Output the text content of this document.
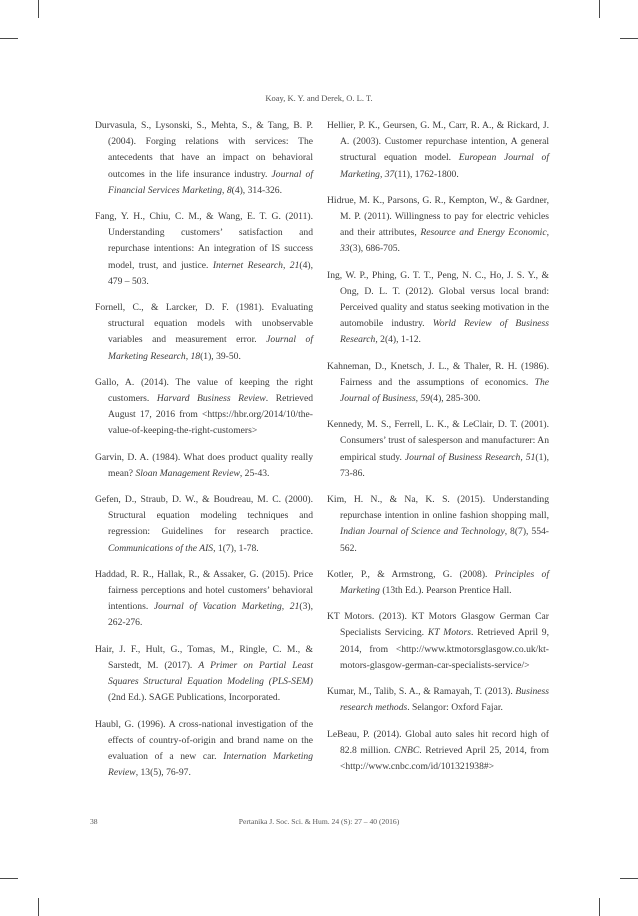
Koay, K. Y. and Derek, O. L. T.

Durvasula, S., Lysonski, S., Mehta, S., & Tang, B. P. (2004). Forging relations with services: The antecedents that have an impact on behavioral outcomes in the life insurance industry. Journal of Financial Services Marketing, 8(4), 314-326.

Fang, Y. H., Chiu, C. M., & Wang, E. T. G. (2011). Understanding customers’ satisfaction and repurchase intentions: An integration of IS success model, trust, and justice. Internet Research, 21(4), 479 – 503.

Fornell, C., & Larcker, D. F. (1981). Evaluating structural equation models with unobservable variables and measurement error. Journal of Marketing Research, 18(1), 39-50.

Gallo, A. (2014). The value of keeping the right customers. Harvard Business Review. Retrieved August 17, 2016 from <https://hbr.org/2014/10/the-value-of-keeping-the-right-customers>

Garvin, D. A. (1984). What does product quality really mean? Sloan Management Review, 25-43.

Gefen, D., Straub, D. W., & Boudreau, M. C. (2000). Structural equation modeling techniques and regression: Guidelines for research practice. Communications of the AIS, 1(7), 1-78.

Haddad, R. R., Hallak, R., & Assaker, G. (2015). Price fairness perceptions and hotel customers’ behavioral intentions. Journal of Vacation Marketing, 21(3), 262-276.

Hair, J. F., Hult, G., Tomas, M., Ringle, C. M., & Sarstedt, M. (2017). A Primer on Partial Least Squares Structural Equation Modeling (PLS-SEM) (2nd Ed.). SAGE Publications, Incorporated.

Haubl, G. (1996). A cross-national investigation of the effects of country-of-origin and brand name on the evaluation of a new car. Internation Marketing Review, 13(5), 76-97.

Hellier, P. K., Geursen, G. M., Carr, R. A., & Rickard, J. A. (2003). Customer repurchase intention, A general structural equation model. European Journal of Marketing, 37(11), 1762-1800.

Hidrue, M. K., Parsons, G. R., Kempton, W., & Gardner, M. P. (2011). Willingness to pay for electric vehicles and their attributes, Resource and Energy Economic, 33(3), 686-705.

Ing, W. P., Phing, G. T. T., Peng, N. C., Ho, J. S. Y., & Ong, D. L. T. (2012). Global versus local brand: Perceived quality and status seeking motivation in the automobile industry. World Review of Business Research, 2(4), 1-12.

Kahneman, D., Knetsch, J. L., & Thaler, R. H. (1986). Fairness and the assumptions of economics. The Journal of Business, 59(4), 285-300.

Kennedy, M. S., Ferrell, L. K., & LeClair, D. T. (2001). Consumers’ trust of salesperson and manufacturer: An empirical study. Journal of Business Research, 51(1), 73-86.

Kim, H. N., & Na, K. S. (2015). Understanding repurchase intention in online fashion shopping mall, Indian Journal of Science and Technology, 8(7), 554-562.

Kotler, P., & Armstrong, G. (2008). Principles of Marketing (13th Ed.). Pearson Prentice Hall.

KT Motors. (2013). KT Motors Glasgow German Car Specialists Servicing. KT Motors. Retrieved April 9, 2014, from <http://www.ktmotorsglasgow.co.uk/kt-motors-glasgow-german-car-specialists-service/>

Kumar, M., Talib, S. A., & Ramayah, T. (2013). Business research methods. Selangor: Oxford Fajar.

LeBeau, P. (2014). Global auto sales hit record high of 82.8 million. CNBC. Retrieved April 25, 2014, from <http://www.cnbc.com/id/101321938#>

38	Pertanika J. Soc. Sci. & Hum. 24 (S): 27 – 40 (2016)
